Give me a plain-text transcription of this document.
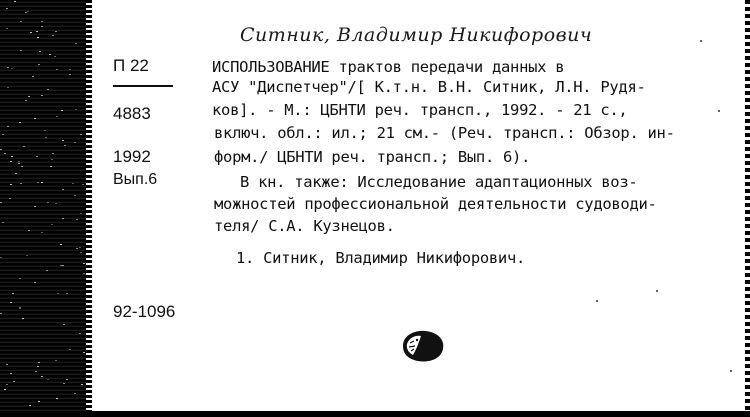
Ситник, Владимир Никифорович
П 22
4883
1992
Вып.6
92-1096
ИСПОЛЬЗОВАНИЕ трактов передачи данных в
АСУ "Диспетчер"/[ К.т.н. В.Н. Ситник, Л.Н. Рудя-
ков]. - М.: ЦБНТИ реч. трансп., 1992. - 21 с.,
включ. обл.: ил.; 21 см.- (Реч. трансп.: Обзор. ин-
форм./ ЦБНТИ реч. трансп.; Вып. 6).
В кн. также: Исследование адаптационных воз-
можностей профессиональной деятельности судоводи-
теля/ С.А. Кузнецов.
1. Ситник, Владимир Никифорович.
